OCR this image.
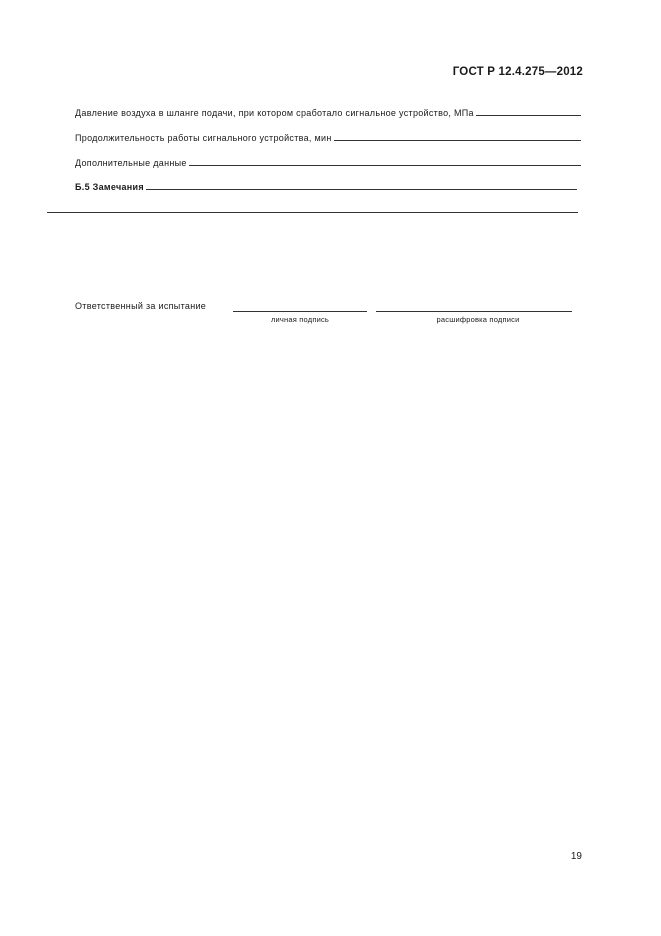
ГОСТ Р 12.4.275—2012
Давление воздуха в шланге подачи, при котором сработало сигнальное устройство, МПа
Продолжительность работы сигнального устройства, мин
Дополнительные данные
Б.5 Замечания
Ответственный за испытание
личная подпись	расшифровка подписи
19
